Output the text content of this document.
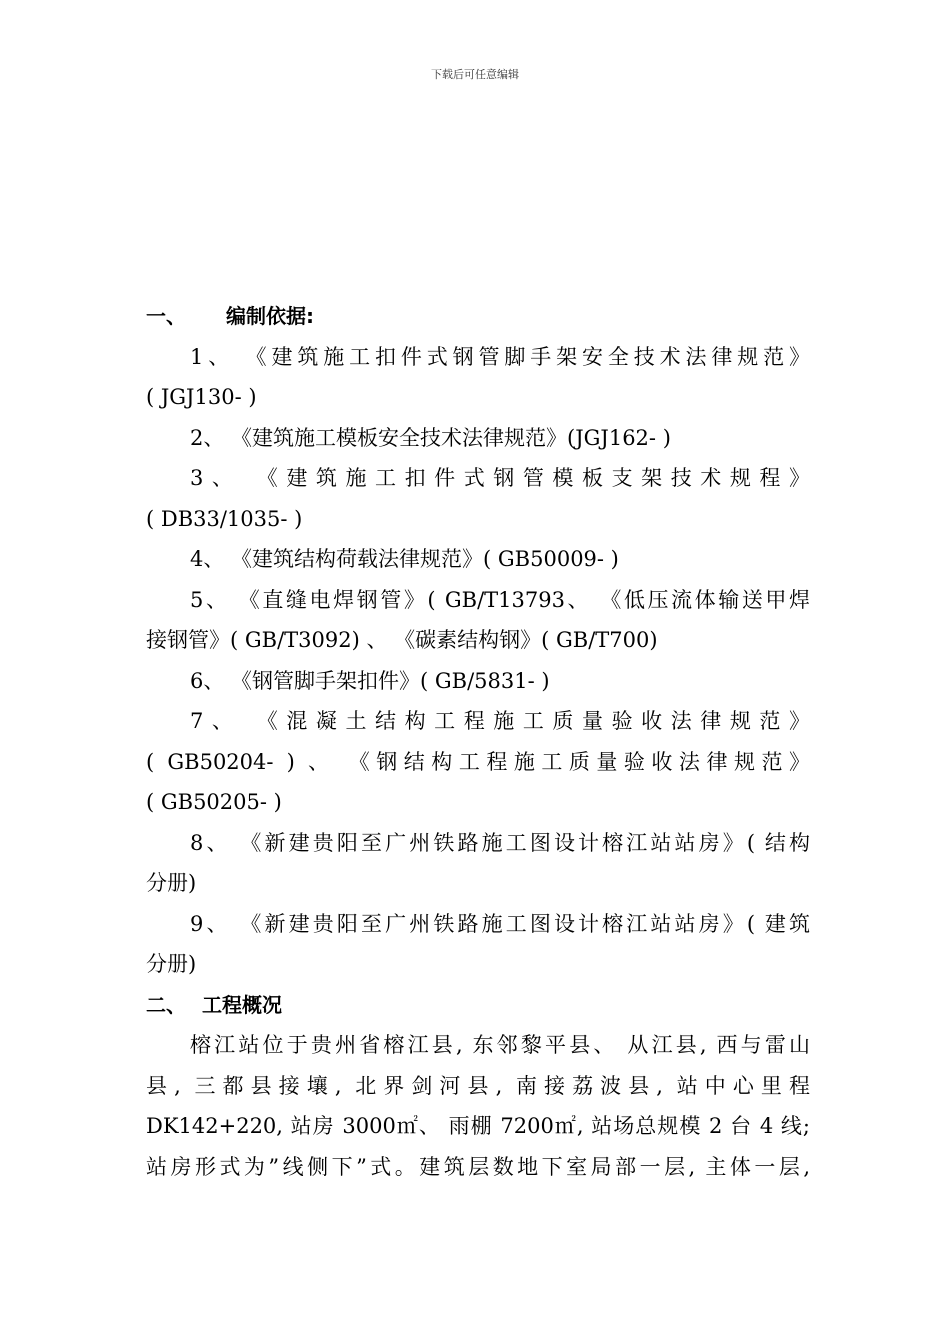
下载后可任意编辑
一、 编制依据:
1、 《建筑施工扣件式钢管脚手架安全技术法律规范》
( JGJ130- )
2、 《建筑施工模板安全技术法律规范》(JGJ162- )
3、 《建筑施工扣件式钢管模板支架技术规程》
( DB33/1035- )
4、 《建筑结构荷载法律规范》( GB50009- )
5、 《直缝电焊钢管》( GB/T13793、 《低压流体输送甲焊
接钢管》( GB/T3092) 、 《碳素结构钢》( GB/T700)
6、 《钢管脚手架扣件》( GB/5831- )
7、 《混凝土结构工程施工质量验收法律规范》
( GB50204- ) 、 《钢结构工程施工质量验收法律规范》
( GB50205- )
8、 《新建贵阳至广州铁路施工图设计榕江站站房》( 结构
分册)
9、 《新建贵阳至广州铁路施工图设计榕江站站房》( 建筑
分册)
二、 工程概况
榕江站位于贵州省榕江县, 东邻黎平县、 从江县, 西与雷山
县, 三都县接壤, 北界剑河县, 南接荔波县, 站中心里程
DK142+220, 站房 3000㎡、 雨棚 7200㎡, 站场总规模 2 台 4 线;
站房形式为”线侧下”式。建筑层数地下室局部一层, 主体一层,
